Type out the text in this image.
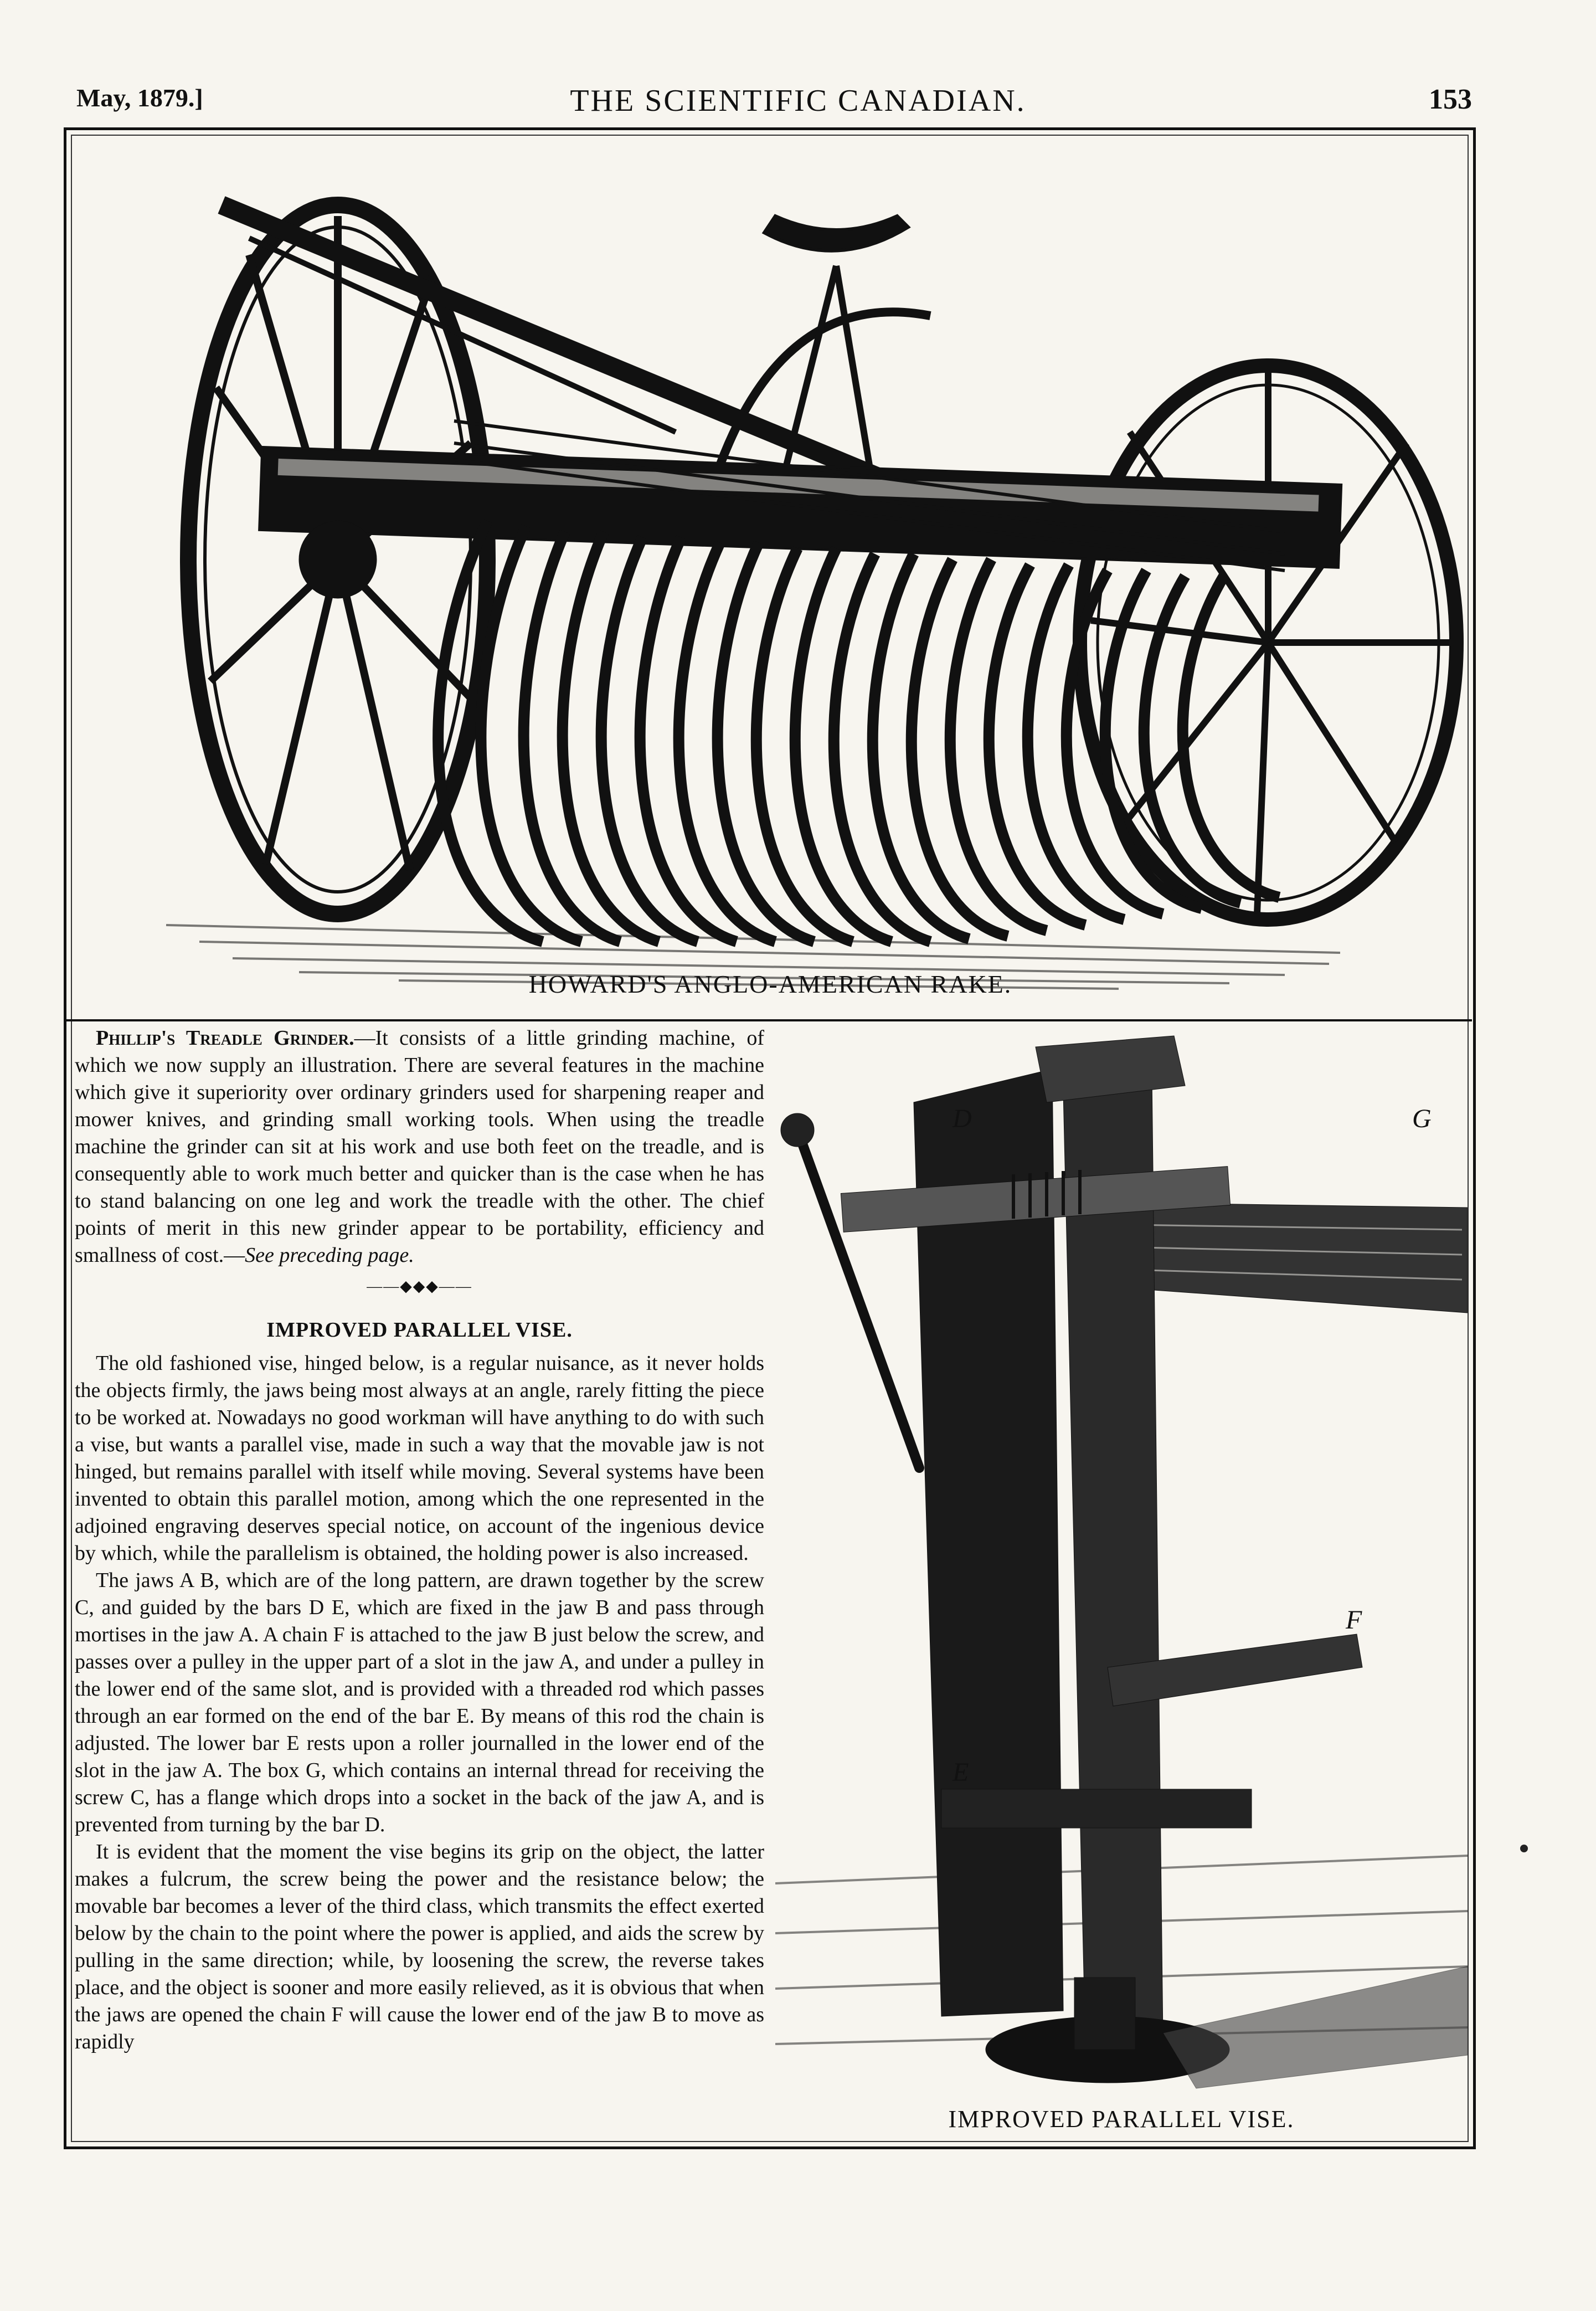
May, 1879.]	THE SCIENTIFIC CANADIAN.	153
HOWARD'S ANGLO-AMERICAN RAKE.

Phillip's Treadle Grinder.—It consists of a little grinding machine, of which we now supply an illustration. There are several features in the machine which give it superiority over ordinary grinders used for sharpening reaper and mower knives, and grinding small working tools. When using the treadle machine the grinder can sit at his work and use both feet on the treadle, and is consequently able to work much better and quicker than is the case when he has to stand balancing on one leg and work the treadle with the other. The chief points of merit in this new grinder appear to be portability, efficiency and smallness of cost.—See preceding page.

——◆◆◆——
IMPROVED PARALLEL VISE.

The old fashioned vise, hinged below, is a regular nuisance, as it never holds the objects firmly, the jaws being most always at an angle, rarely fitting the piece to be worked at. Nowadays no good workman will have anything to do with such a vise, but wants a parallel vise, made in such a way that the movable jaw is not hinged, but remains parallel with itself while moving. Several systems have been invented to obtain this parallel motion, among which the one represented in the adjoined engraving deserves special notice, on account of the ingenious device by which, while the parallelism is obtained, the holding power is also increased.

The jaws A B, which are of the long pattern, are drawn together by the screw C, and guided by the bars D E, which are fixed in the jaw B and pass through mortises in the jaw A. A chain F is attached to the jaw B just below the screw, and passes over a pulley in the upper part of a slot in the jaw A, and under a pulley in the lower end of the same slot, and is provided with a threaded rod which passes through an ear formed on the end of the bar E. By means of this rod the chain is adjusted. The lower bar E rests upon a roller journalled in the lower end of the slot in the jaw A. The box G, which contains an internal thread for receiving the screw C, has a flange which drops into a socket in the back of the jaw A, and is prevented from turning by the bar D.

It is evident that the moment the vise begins its grip on the object, the latter makes a fulcrum, the screw being the power and the resistance below; the movable bar becomes a lever of the third class, which transmits the effect exerted below by the chain to the point where the power is applied, and aids the screw by pulling in the same direction; while, by loosening the screw, the reverse takes place, and the object is sooner and more easily relieved, as it is obvious that when the jaws are opened the chain F will cause the lower end of the jaw B to move as rapidly

D	G
F
E
IMPROVED PARALLEL VISE.
